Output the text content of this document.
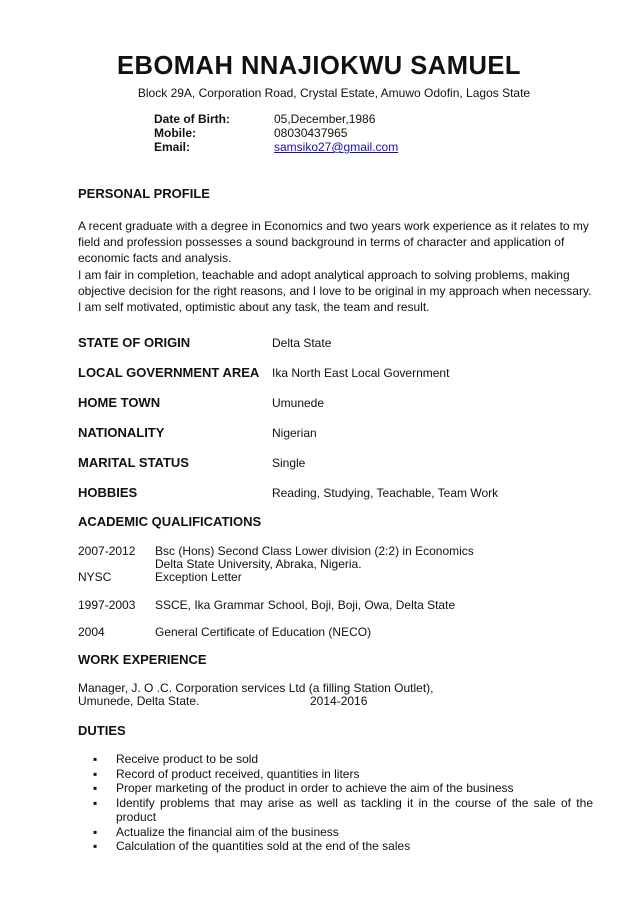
EBOMAH NNAJIOKWU SAMUEL
Block 29A, Corporation Road, Crystal Estate, Amuwo Odofin, Lagos State
Date of Birth:	05,December,1986
Mobile:	08030437965
Email:	samsiko27@gmail.com
PERSONAL PROFILE

A recent graduate with a degree in Economics and two years work experience as it relates to my field and profession possesses a sound background in terms of character and application of economic facts and analysis.

I am fair in completion, teachable and adopt analytical approach to solving problems, making objective decision for the right reasons, and I love to be original in my approach when necessary.

I am self motivated, optimistic about any task, the team and result.

STATE OF ORIGIN	Delta State
LOCAL GOVERNMENT AREA Ika North East Local Government
HOME TOWN	Umunede
NATIONALITY	Nigerian
MARITAL STATUS	Single
HOBBIES	Reading, Studying, Teachable, Team Work
ACADEMIC QUALIFICATIONS
2007-2012 Bsc (Hons) Second Class Lower division (2:2) in Economics
Delta State University, Abraka, Nigeria.
NYSC	Exception Letter
1997-2003 SSCE, Ika Grammar School, Boji, Boji, Owa, Delta State
2004	General Certificate of Education (NECO)
WORK EXPERIENCE
Manager, J. O .C. Corporation services Ltd (a filling Station Outlet),
Umunede, Delta State.	2014-2016
DUTIES
▪ Receive product to be sold
▪ Record of product received, quantities in liters
▪ Proper marketing of the product in order to achieve the aim of the business
▪ Identify problems that may arise as well as tackling it in the course of the sale of the
product
▪ Actualize the financial aim of the business
▪ Calculation of the quantities sold at the end of the sales
